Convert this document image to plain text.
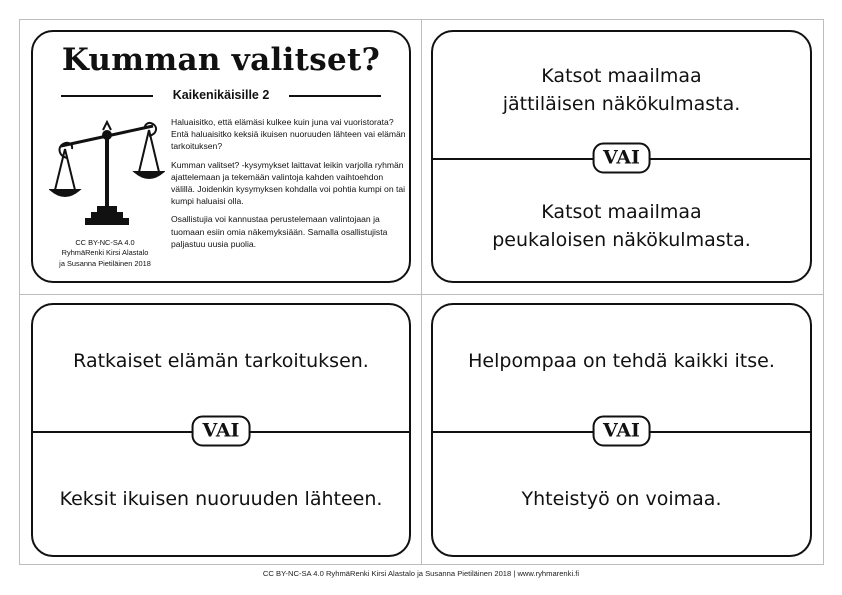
Kumman valitset?
Kaikenikäisille 2

Haluaisitko, että elämäsi kulkee kuin juna vai vuoristorata? Entä haluaisitko keksiä ikuisen nuoruuden lähteen vai elämän tarkoituksen?

Kumman valitset? -kysymykset laittavat leikin varjolla ryhmän ajattelemaan ja tekemään valintoja kahden vaihtoehdon välillä. Joidenkin kysymyksen kohdalla voi pohtia kumpi on tai kumpi haluaisi olla.

Osallistujia voi kannustaa perustelemaan valintojaan ja tuomaan esiin omia näkemyksiään. Samalla osallistujista paljastuu uusia puolia.

CC BY-NC-SA 4.0
RyhmäRenki Kirsi Alastalo
ja Susanna Pietiläinen 2018
Katsot maailmaa
jättiläisen näkökulmasta.
VAI
Katsot maailmaa
peukaloisen näkökulmasta.
Ratkaiset elämän tarkoituksen.
VAI
Keksit ikuisen nuoruuden lähteen.
Helpompaa on tehdä kaikki itse.
VAI
Yhteistyö on voimaa.
CC BY-NC-SA 4.0 RyhmäRenki Kirsi Alastalo ja Susanna Pietiläinen 2018 | www.ryhmarenki.fi
